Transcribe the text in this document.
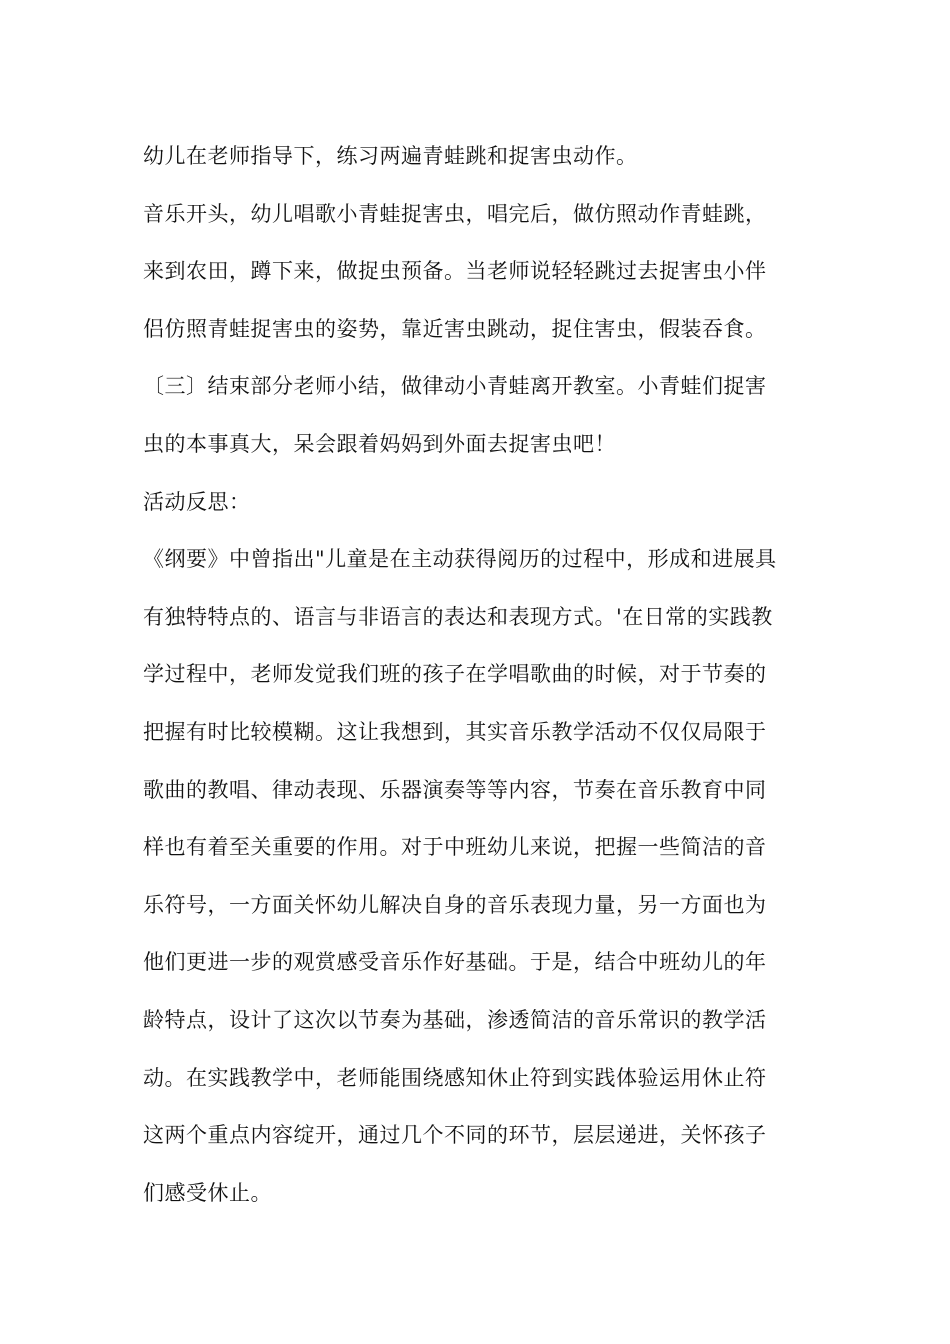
幼儿在老师指导下，练习两遍青蛙跳和捉害虫动作。
音乐开头，幼儿唱歌小青蛙捉害虫，唱完后，做仿照动作青蛙跳，
来到农田，蹲下来，做捉虫预备。当老师说轻轻跳过去捉害虫小伴
侣仿照青蛙捉害虫的姿势，靠近害虫跳动，捉住害虫，假装吞食。
〔三〕结束部分老师小结，做律动小青蛙离开教室。小青蛙们捉害
虫的本事真大，呆会跟着妈妈到外面去捉害虫吧！
活动反思：
《纲要》中曾指出"儿童是在主动获得阅历的过程中，形成和进展具
有独特特点的、语言与非语言的表达和表现方式。'在日常的实践教
学过程中，老师发觉我们班的孩子在学唱歌曲的时候，对于节奏的
把握有时比较模糊。这让我想到，其实音乐教学活动不仅仅局限于
歌曲的教唱、律动表现、乐器演奏等等内容，节奏在音乐教育中同
样也有着至关重要的作用。对于中班幼儿来说，把握一些简洁的音
乐符号，一方面关怀幼儿解决自身的音乐表现力量，另一方面也为
他们更进一步的观赏感受音乐作好基础。于是，结合中班幼儿的年
龄特点，设计了这次以节奏为基础，渗透简洁的音乐常识的教学活
动。在实践教学中，老师能围绕感知休止符到实践体验运用休止符
这两个重点内容绽开，通过几个不同的环节，层层递进，关怀孩子
们感受休止。
